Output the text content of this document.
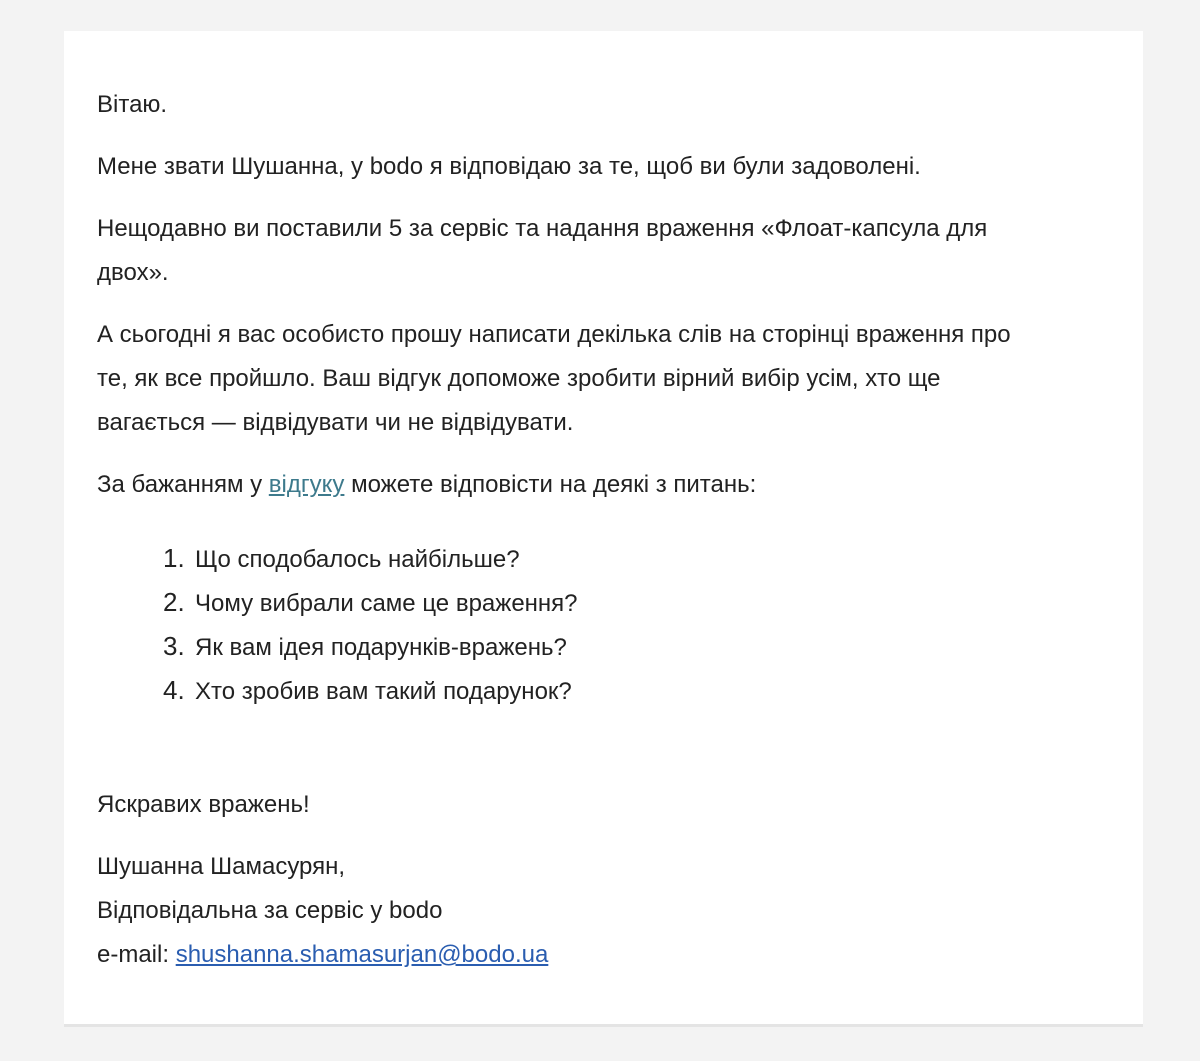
Вітаю.

Мене звати Шушанна, у bodo я відповідаю за те, щоб ви були задоволені.

Нещодавно ви поставили 5 за сервіс та надання враження «Флоат-капсула для

двох».

А сьогодні я вас особисто прошу написати декілька слів на сторінці враження про

те, як все пройшло. Ваш відгук допоможе зробити вірний вибір усім, хто ще

вагається — відвідувати чи не відвідувати.

За бажанням у відгуку можете відповісти на деякі з питань:

1. Що сподобалось найбільше?
2. Чому вибрали саме це враження?
3. Як вам ідея подарунків-вражень?
4. Хто зробив вам такий подарунок?

Яскравих вражень!

Шушанна Шамасурян,

Відповідальна за сервіс у bodo

e-mail: shushanna.shamasurjan@bodo.ua
